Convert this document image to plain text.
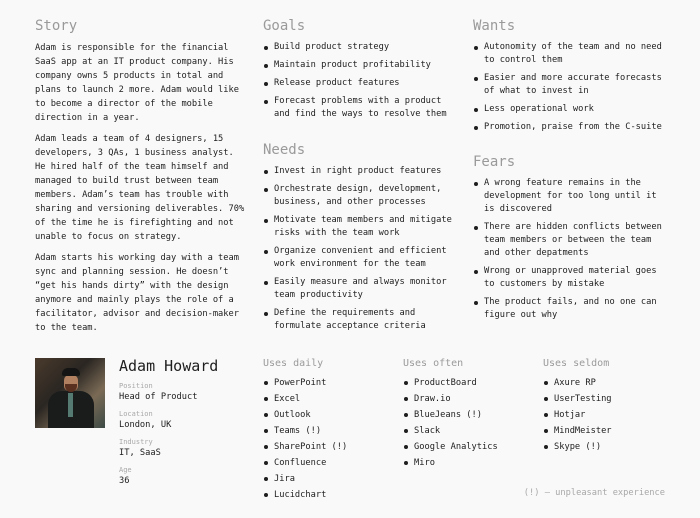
Story

Adam is responsible for the financial SaaS app at an IT product company. His company owns 5 products in total and plans to launch 2 more. Adam would like to become a director of the mobile direction in a year.

Adam leads a team of 4 designers, 15 developers, 3 QAs, 1 business analyst. He hired half of the team himself and managed to build trust between team members. Adam’s team has trouble with sharing and versioning deliverables. 70% of the time he is firefighting and not unable to focus on strategy.

Adam starts his working day with a team sync and planning session. He doesn’t “get his hands dirty” with the design anymore and mainly plays the role of a facilitator, advisor and decision-maker to the team.

Goals
Build product strategy
Maintain product profitability
Release product features
Forecast problems with a product and find the ways to resolve them
Needs
Invest in right product features
Orchestrate design, development, business, and other processes
Motivate team members and mitigate risks with the team work
Organize convenient and efficient work environment for the team
Easily measure and always monitor team productivity
Define the requirements and formulate acceptance criteria
Wants
Autonomity of the team and no need to control them
Easier and more accurate forecasts of what to invest in
Less operational work
Promotion, praise from the C-suite
Fears
A wrong feature remains in the development for too long until it is discovered
There are hidden conflicts between team members or between the team and other depatments
Wrong or unapproved material goes to customers by mistake
The product fails, and no one can figure out why
Adam Howard
Position
Head of Product
Location
London, UK
Industry
IT, SaaS
Age
36
Uses daily
PowerPoint
Excel
Outlook
Teams (!)
SharePoint (!)
Confluence
Jira
Lucidchart
Uses often
ProductBoard
Draw.io
BlueJeans (!)
Slack
Google Analytics
Miro
Uses seldom
Axure RP
UserTesting
Hotjar
MindMeister
Skype (!)
(!) — unpleasant experience
